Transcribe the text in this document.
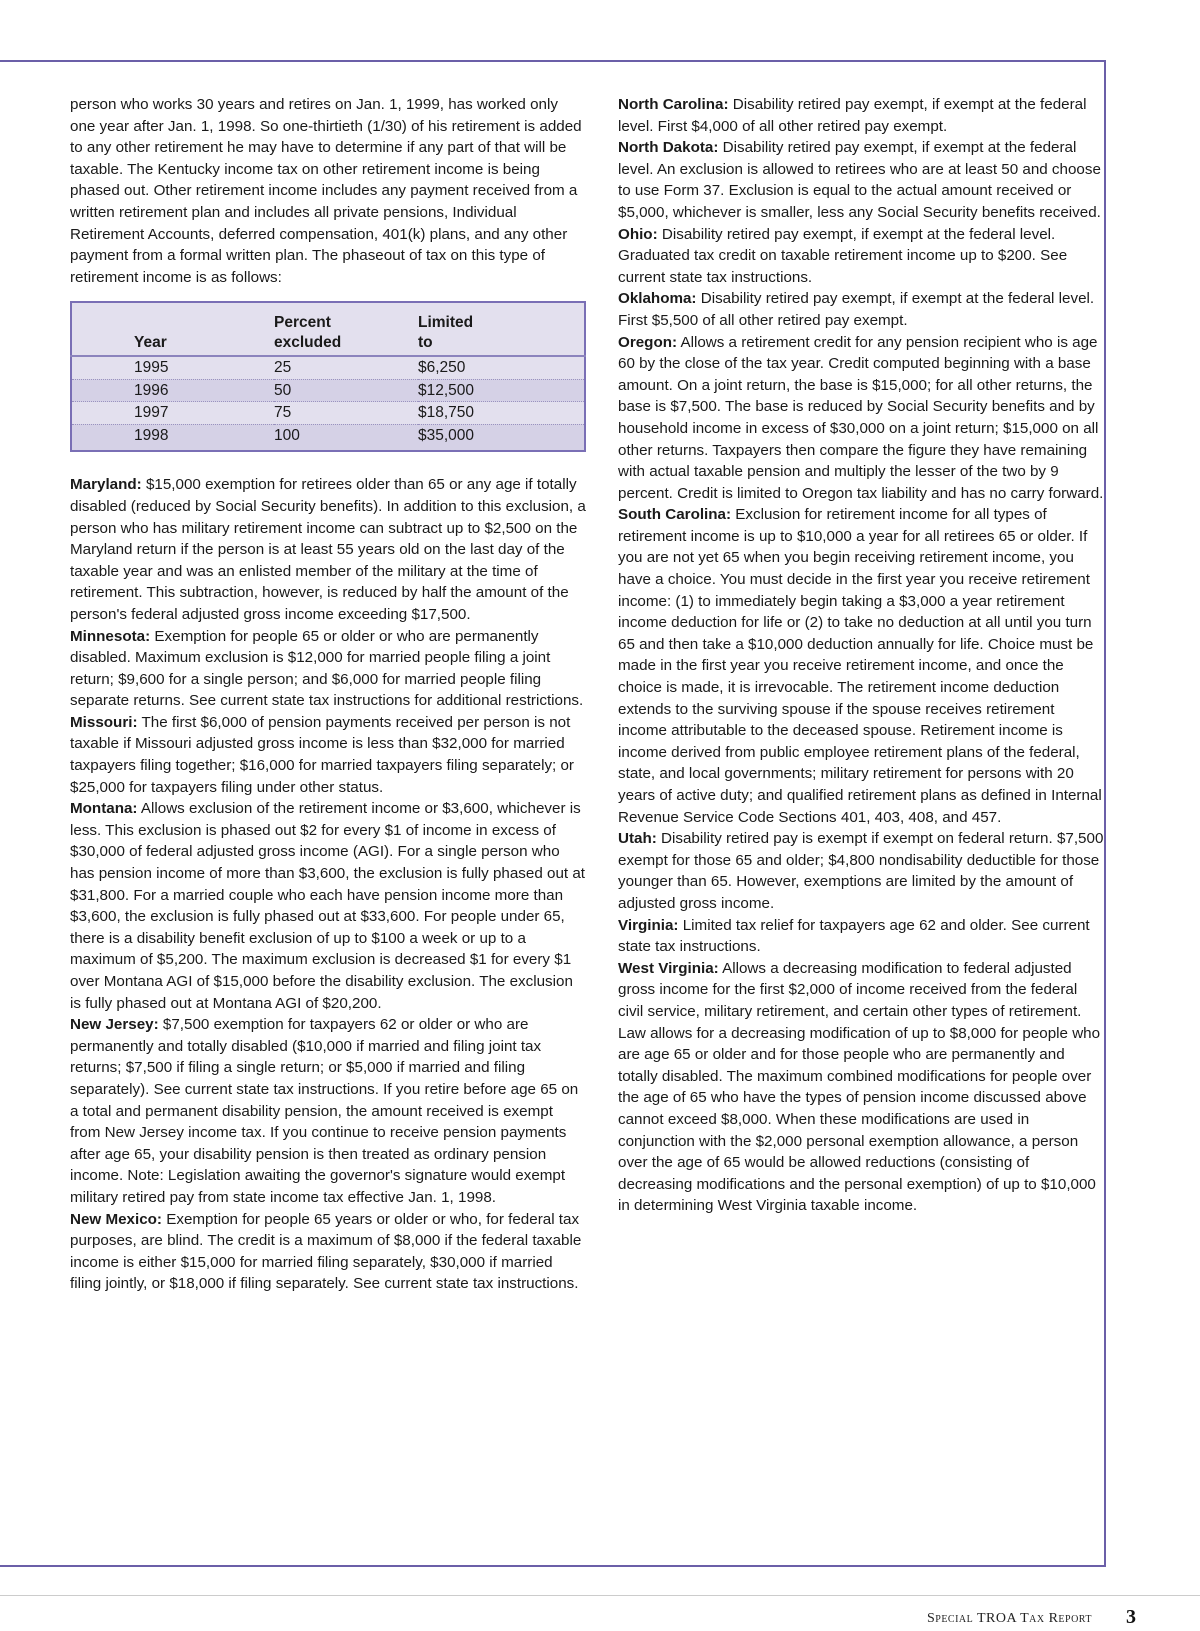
person who works 30 years and retires on Jan. 1, 1999, has worked only one year after Jan. 1, 1998. So one-thirtieth (1/30) of his retirement is added to any other retirement he may have to determine if any part of that will be taxable. The Kentucky income tax on other retirement income is being phased out. Other retirement income includes any payment received from a written retirement plan and includes all private pensions, Individual Retirement Accounts, deferred compensation, 401(k) plans, and any other payment from a formal written plan. The phaseout of tax on this type of retirement income is as follows:

Year	Percent excluded	Limited to
1995	25	$6,250
1996	50	$12,500
1997	75	$18,750
1998	100	$35,000

Maryland: $15,000 exemption for retirees older than 65 or any age if totally disabled (reduced by Social Security benefits). In addition to this exclusion, a person who has military retirement income can subtract up to $2,500 on the Maryland return if the person is at least 55 years old on the last day of the taxable year and was an enlisted member of the military at the time of retirement. This subtraction, however, is reduced by half the amount of the person's federal adjusted gross income exceeding $17,500.

Minnesota: Exemption for people 65 or older or who are permanently disabled. Maximum exclusion is $12,000 for married people filing a joint return; $9,600 for a single person; and $6,000 for married people filing separate returns. See current state tax instructions for additional restrictions.

Missouri: The first $6,000 of pension payments received per person is not taxable if Missouri adjusted gross income is less than $32,000 for married taxpayers filing together; $16,000 for married taxpayers filing separately; or $25,000 for taxpayers filing under other status.

Montana: Allows exclusion of the retirement income or $3,600, whichever is less. This exclusion is phased out $2 for every $1 of income in excess of $30,000 of federal adjusted gross income (AGI). For a single person who has pension income of more than $3,600, the exclusion is fully phased out at $31,800. For a married couple who each have pension income more than $3,600, the exclusion is fully phased out at $33,600. For people under 65, there is a disability benefit exclusion of up to $100 a week or up to a maximum of $5,200. The maximum exclusion is decreased $1 for every $1 over Montana AGI of $15,000 before the disability exclusion. The exclusion is fully phased out at Montana AGI of $20,200.

New Jersey: $7,500 exemption for taxpayers 62 or older or who are permanently and totally disabled ($10,000 if married and filing joint tax returns; $7,500 if filing a single return; or $5,000 if married and filing separately). See current state tax instructions. If you retire before age 65 on a total and permanent disability pension, the amount received is exempt from New Jersey income tax. If you continue to receive pension payments after age 65, your disability pension is then treated as ordinary pension income. Note: Legislation awaiting the governor's signature would exempt military retired pay from state income tax effective Jan. 1, 1998.

New Mexico: Exemption for people 65 years or older or who, for federal tax purposes, are blind. The credit is a maximum of $8,000 if the federal taxable income is either $15,000 for married filing separately, $30,000 if married filing jointly, or $18,000 if filing separately. See current state tax instructions.

North Carolina: Disability retired pay exempt, if exempt at the federal level. First $4,000 of all other retired pay exempt.

North Dakota: Disability retired pay exempt, if exempt at the federal level. An exclusion is allowed to retirees who are at least 50 and choose to use Form 37. Exclusion is equal to the actual amount received or $5,000, whichever is smaller, less any Social Security benefits received.

Ohio: Disability retired pay exempt, if exempt at the federal level. Graduated tax credit on taxable retirement income up to $200. See current state tax instructions.

Oklahoma: Disability retired pay exempt, if exempt at the federal level. First $5,500 of all other retired pay exempt.

Oregon: Allows a retirement credit for any pension recipient who is age 60 by the close of the tax year. Credit computed beginning with a base amount. On a joint return, the base is $15,000; for all other returns, the base is $7,500. The base is reduced by Social Security benefits and by household income in excess of $30,000 on a joint return; $15,000 on all other returns. Taxpayers then compare the figure they have remaining with actual taxable pension and multiply the lesser of the two by 9 percent. Credit is limited to Oregon tax liability and has no carry forward.

South Carolina: Exclusion for retirement income for all types of retirement income is up to $10,000 a year for all retirees 65 or older. If you are not yet 65 when you begin receiving retirement income, you have a choice. You must decide in the first year you receive retirement income: (1) to immediately begin taking a $3,000 a year retirement income deduction for life or (2) to take no deduction at all until you turn 65 and then take a $10,000 deduction annually for life. Choice must be made in the first year you receive retirement income, and once the choice is made, it is irrevocable. The retirement income deduction extends to the surviving spouse if the spouse receives retirement income attributable to the deceased spouse. Retirement income is income derived from public employee retirement plans of the federal, state, and local governments; military retirement for persons with 20 years of active duty; and qualified retirement plans as defined in Internal Revenue Service Code Sections 401, 403, 408, and 457.

Utah: Disability retired pay is exempt if exempt on federal return. $7,500 exempt for those 65 and older; $4,800 nondisability deductible for those younger than 65. However, exemptions are limited by the amount of adjusted gross income.

Virginia: Limited tax relief for taxpayers age 62 and older. See current state tax instructions.

West Virginia: Allows a decreasing modification to federal adjusted gross income for the first $2,000 of income received from the federal civil service, military retirement, and certain other types of retirement. Law allows for a decreasing modification of up to $8,000 for people who are age 65 or older and for those people who are permanently and totally disabled. The maximum combined modifications for people over the age of 65 who have the types of pension income discussed above cannot exceed $8,000. When these modifications are used in conjunction with the $2,000 personal exemption allowance, a person over the age of 65 would be allowed reductions (consisting of decreasing modifications and the personal exemption) of up to $10,000 in determining West Virginia taxable income.

Special TROA Tax Report 3
